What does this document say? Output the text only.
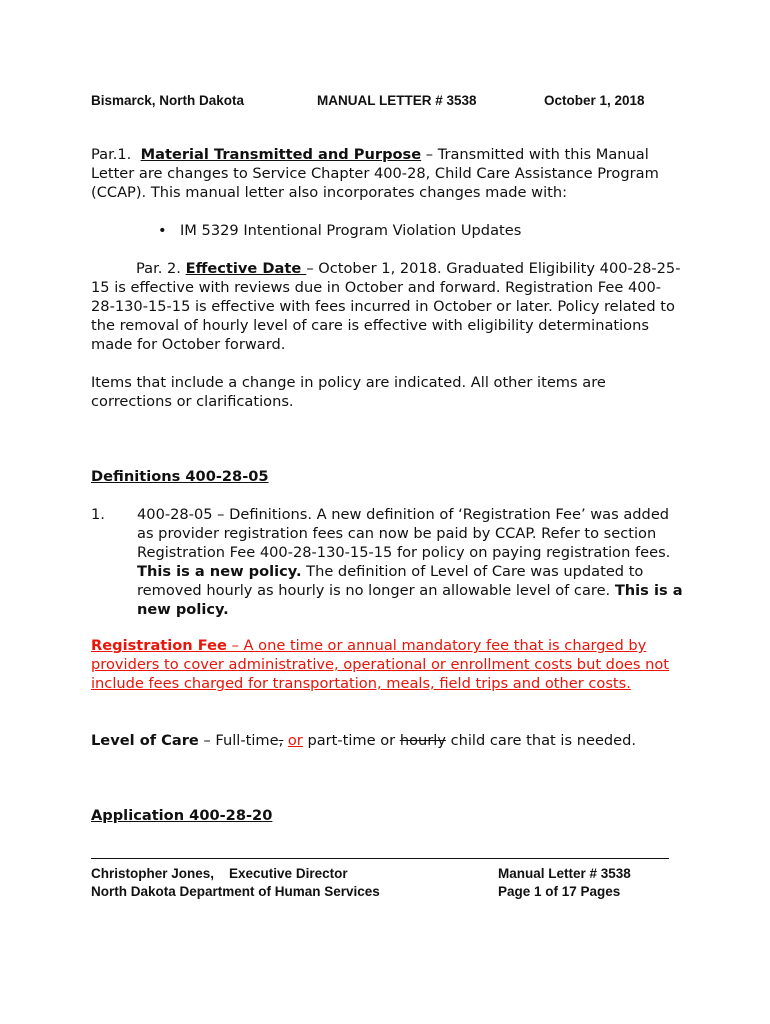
Bismarck, North Dakota	MANUAL LETTER # 3538	October 1, 2018

Par.1. Material Transmitted and Purpose – Transmitted with this Manual Letter are changes to Service Chapter 400-28, Child Care Assistance Program (CCAP). This manual letter also incorporates changes made with:

• IM 5329 Intentional Program Violation Updates

Par. 2. Effective Date – October 1, 2018. Graduated Eligibility 400-28-25-15 is effective with reviews due in October and forward. Registration Fee 400-28-130-15-15 is effective with fees incurred in October or later. Policy related to the removal of hourly level of care is effective with eligibility determinations made for October forward.

Items that include a change in policy are indicated. All other items are corrections or clarifications.

Definitions 400-28-05

1. 400-28-05 – Definitions. A new definition of ‘Registration Fee’ was added as provider registration fees can now be paid by CCAP. Refer to section Registration Fee 400-28-130-15-15 for policy on paying registration fees. This is a new policy. The definition of Level of Care was updated to removed hourly as hourly is no longer an allowable level of care. This is a new policy.

Registration Fee – A one time or annual mandatory fee that is charged by providers to cover administrative, operational or enrollment costs but does not include fees charged for transportation, meals, field trips and other costs.

Level of Care – Full-time, or part-time or hourly child care that is needed.

Application 400-28-20

Christopher Jones,    Executive Director
North Dakota Department of Human Services
Manual Letter # 3538
Page 1 of 17 Pages
